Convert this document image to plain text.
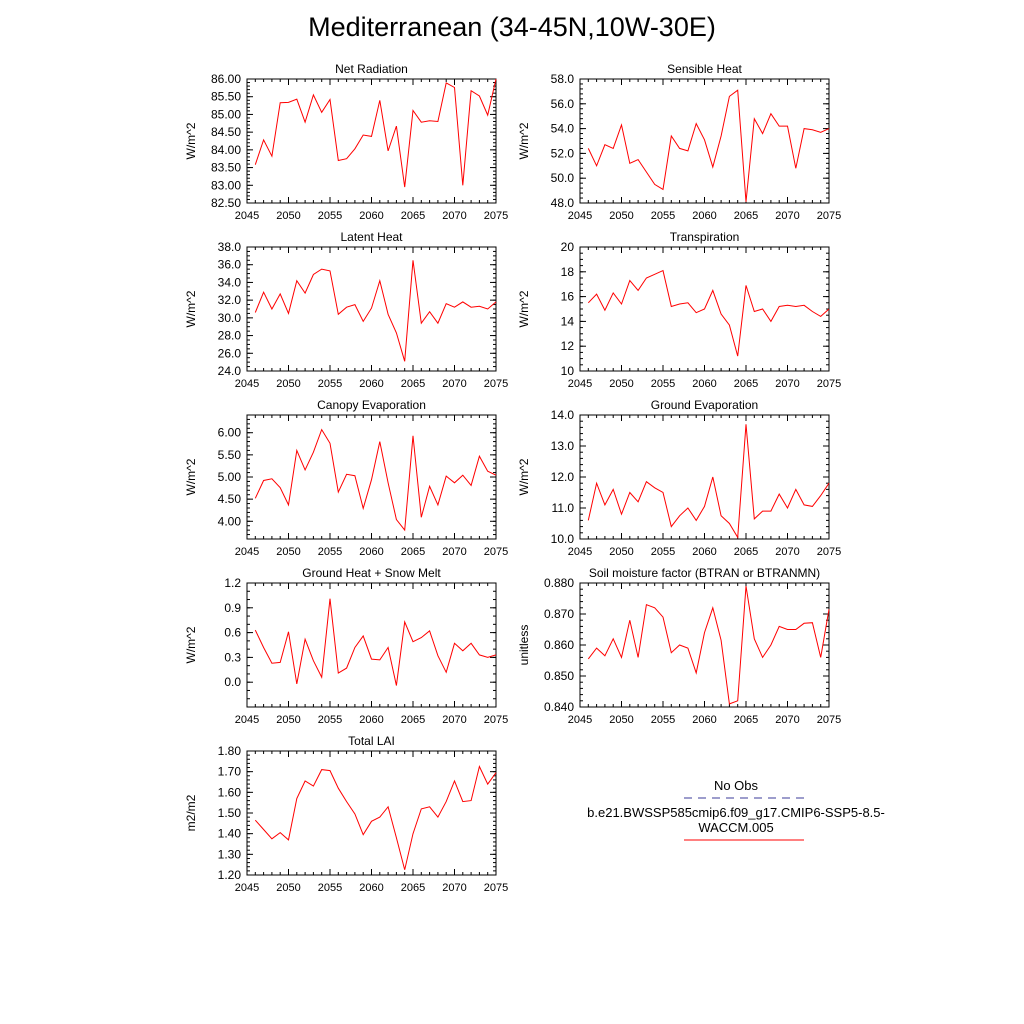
Mediterranean (34-45N,10W-30E)
Net Radiation
W/m^2
2045 2050 2055 2060 2065 2070 2075
82.50
83.00
83.50
84.00
84.50
85.00
85.50
86.00
Sensible Heat
W/m^2
2045 2050 2055 2060 2065 2070 2075
48.0
50.0
52.0
54.0
56.0
58.0
Latent Heat
W/m^2
2045 2050 2055 2060 2065 2070 2075
24.0
26.0
28.0
30.0
32.0
34.0
36.0
38.0
Transpiration
W/m^2
2045 2050 2055 2060 2065 2070 2075
10
12
14
16
18
20
Canopy Evaporation
W/m^2
2045 2050 2055 2060 2065 2070 2075
4.00
4.50
5.00
5.50
6.00
Ground Evaporation
W/m^2
2045 2050 2055 2060 2065 2070 2075
10.0
11.0
12.0
13.0
14.0
Ground Heat + Snow Melt
W/m^2
2045 2050 2055 2060 2065 2070 2075
0.0
0.3
0.6
0.9
1.2
Soil moisture factor (BTRAN or BTRANMN)
unitless
2045 2050 2055 2060 2065 2070 2075
0.840
0.850
0.860
0.870
0.880
Total LAI
m2/m2
2045 2050 2055 2060 2065 2070 2075
1.20
1.30
1.40
1.50
1.60
1.70
1.80
No Obs
b.e21.BWSSP585cmip6.f09_g17.CMIP6-SSP5-8.5-WACCM.005
